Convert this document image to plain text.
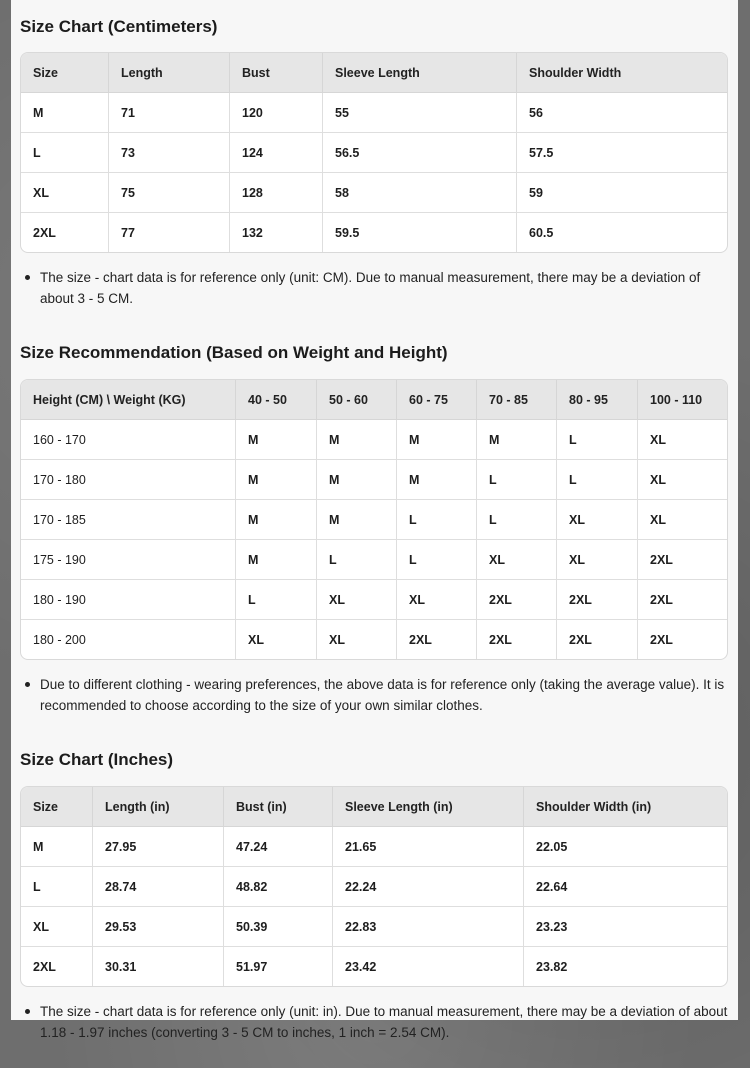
Size Chart (Centimeters)
Size	Length	Bust	Sleeve Length	Shoulder Width
M	71	120	55	56
L	73	124	56.5	57.5
XL	75	128	58	59
2XL	77	132	59.5	60.5
The size - chart data is for reference only (unit: CM). Due to manual measurement, there may be a deviation of about 3 - 5 CM.
Size Recommendation (Based on Weight and Height)
Height (CM) \ Weight (KG)	40 - 50	50 - 60	60 - 75	70 - 85	80 - 95	100 - 110
160 - 170	M	M	M	M	L	XL
170 - 180	M	M	M	L	L	XL
170 - 185	M	M	L	L	XL	XL
175 - 190	M	L	L	XL	XL	2XL
180 - 190	L	XL	XL	2XL	2XL	2XL
180 - 200	XL	XL	2XL	2XL	2XL	2XL
Due to different clothing - wearing preferences, the above data is for reference only (taking the average value). It is recommended to choose according to the size of your own similar clothes.
Size Chart (Inches)
Size	Length (in)	Bust (in)	Sleeve Length (in)	Shoulder Width (in)
M	27.95	47.24	21.65	22.05
L	28.74	48.82	22.24	22.64
XL	29.53	50.39	22.83	23.23
2XL	30.31	51.97	23.42	23.82
The size - chart data is for reference only (unit: in). Due to manual measurement, there may be a deviation of about 1.18 - 1.97 inches (converting 3 - 5 CM to inches, 1 inch = 2.54 CM).
